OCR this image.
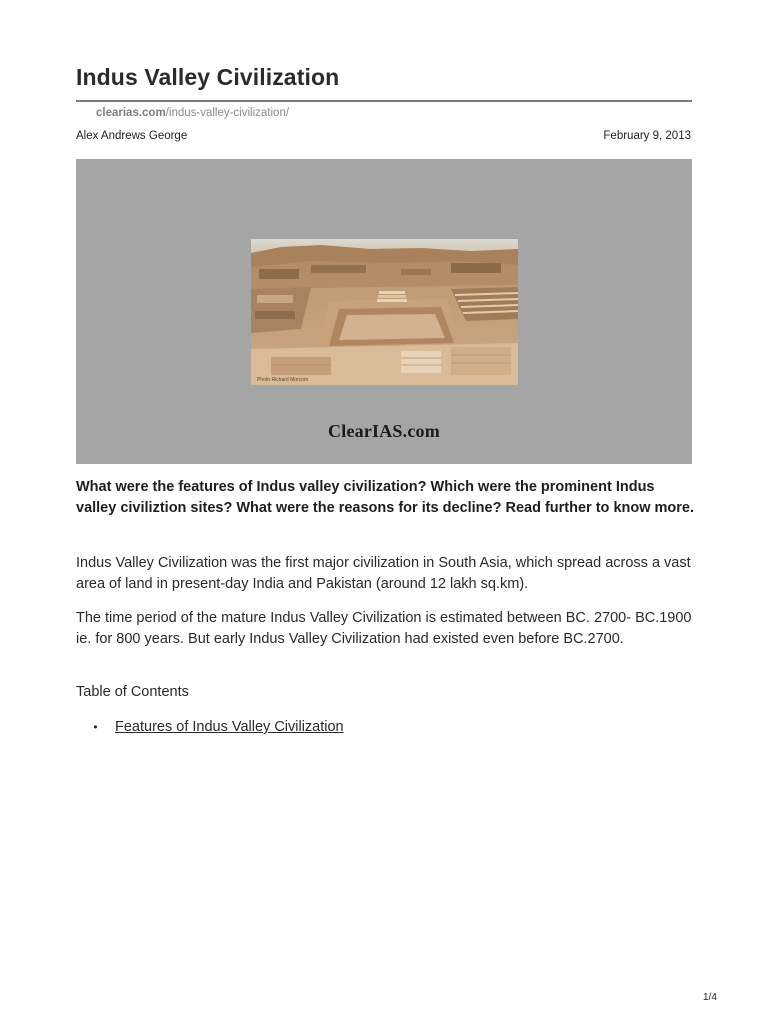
Indus Valley Civilization
clearias.com/indus-valley-civilization/
Alex Andrews George	February 9, 2013
Photo Richard Morcom
ClearIAS.com

What were the features of Indus valley civilization? Which were the prominent Indus valley civiliztion sites? What were the reasons for its decline? Read further to know more.

Indus Valley Civilization was the first major civilization in South Asia, which spread across a vast area of land in present-day India and Pakistan (around 12 lakh sq.km).

The time period of the mature Indus Valley Civilization is estimated between BC. 2700- BC.1900 ie. for 800 years. But early Indus Valley Civilization had existed even before BC.2700.

Table of Contents

•	Features of Indus Valley Civilization
1/4
